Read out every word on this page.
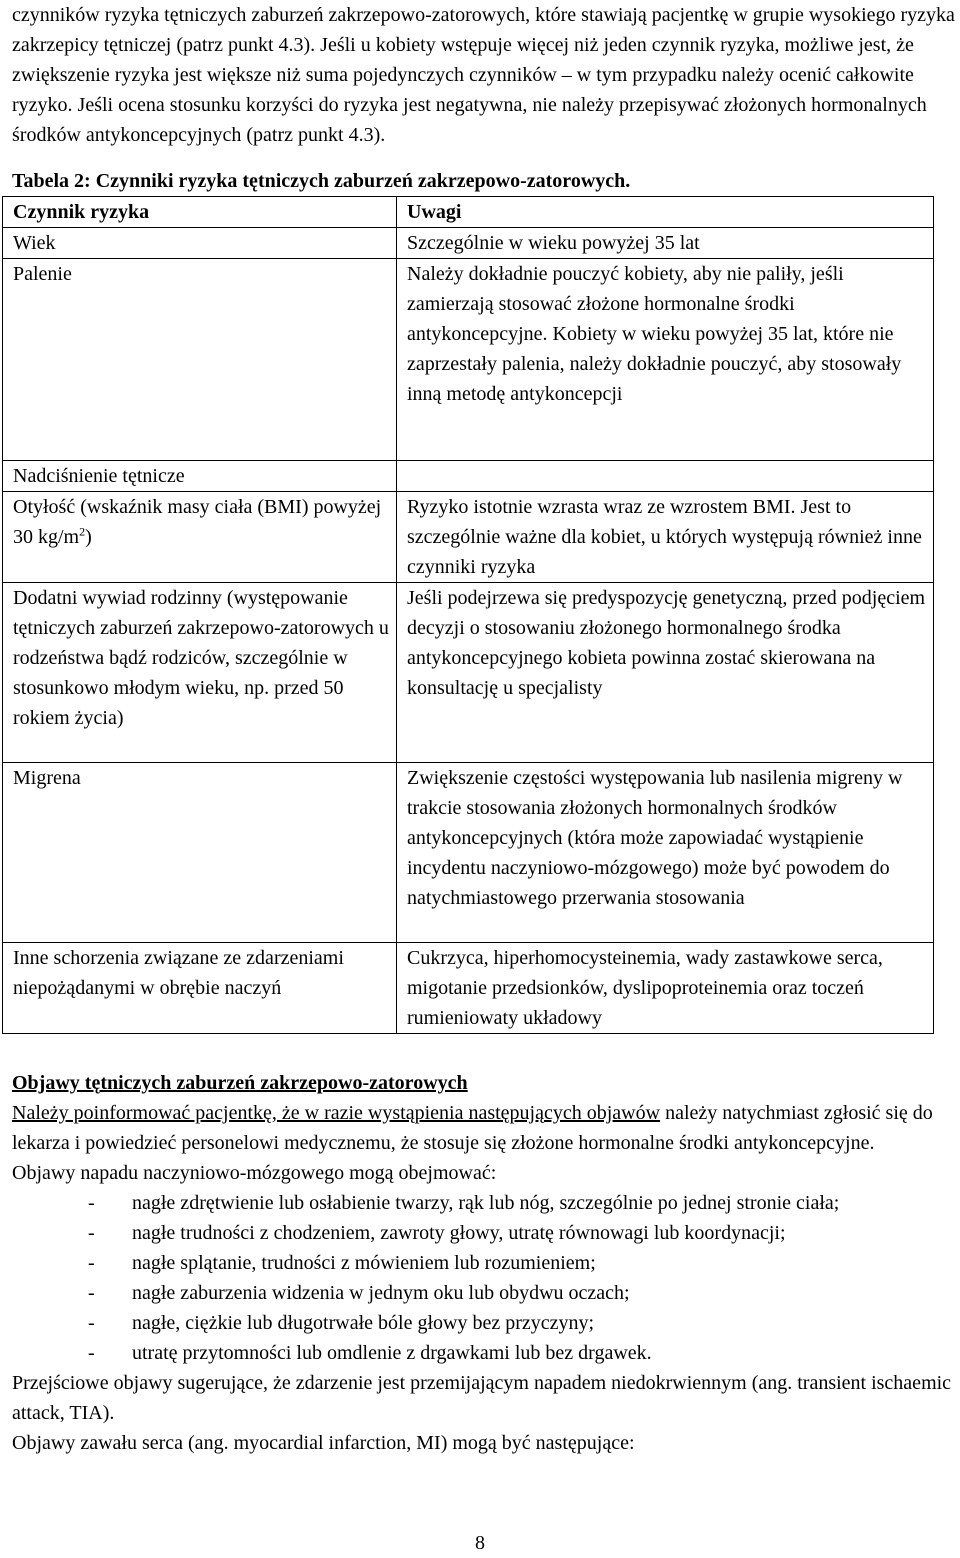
czynników ryzyka tętniczych zaburzeń zakrzepowo-zatorowych, które stawiają pacjentkę w grupie wysokiego ryzyka zakrzepicy tętniczej (patrz punkt 4.3). Jeśli u kobiety wstępuje więcej niż jeden czynnik ryzyka, możliwe jest, że zwiększenie ryzyka jest większe niż suma pojedynczych czynników – w tym przypadku należy ocenić całkowite ryzyko. Jeśli ocena stosunku korzyści do ryzyka jest negatywna, nie należy przepisywać złożonych hormonalnych środków antykoncepcyjnych (patrz punkt 4.3).

Tabela 2: Czynniki ryzyka tętniczych zaburzeń zakrzepowo-zatorowych.

Czynnik ryzyka	Uwagi
Wiek	Szczególnie w wieku powyżej 35 lat
Palenie	Należy dokładnie pouczyć kobiety, aby nie paliły, jeśli zamierzają stosować złożone hormonalne środki antykoncepcyjne. Kobiety w wieku powyżej 35 lat, które nie zaprzestały palenia, należy dokładnie pouczyć, aby stosowały inną metodę antykoncepcji
Nadciśnienie tętnicze	
Otyłość (wskaźnik masy ciała (BMI) powyżej 30 $kg/m^2$)	Ryzyko istotnie wzrasta wraz ze wzrostem BMI. Jest to szczególnie ważne dla kobiet, u których występują również inne czynniki ryzyka
Dodatni wywiad rodzinny (występowanie tętniczych zaburzeń zakrzepowo-zatorowych u rodzeństwa bądź rodziców, szczególnie w stosunkowo młodym wieku, np. przed 50 rokiem życia)	Jeśli podejrzewa się predyspozycję genetyczną, przed podjęciem decyzji o stosowaniu złożonego hormonalnego środka antykoncepcyjnego kobieta powinna zostać skierowana na konsultację u specjalisty
Migrena	Zwiększenie częstości występowania lub nasilenia migreny w trakcie stosowania złożonych hormonalnych środków antykoncepcyjnych (która może zapowiadać wystąpienie incydentu naczyniowo-mózgowego) może być powodem do natychmiastowego przerwania stosowania
Inne schorzenia związane ze zdarzeniami niepożądanymi w obrębie naczyń	Cukrzyca, hiperhomocysteinemia, wady zastawkowe serca, migotanie przedsionków, dyslipoproteinemia oraz toczeń rumieniowaty układowy

Objawy tętniczych zaburzeń zakrzepowo-zatorowych

Należy poinformować pacjentkę, że w razie wystąpienia następujących objawów należy natychmiast zgłosić się do lekarza i powiedzieć personelowi medycznemu, że stosuje się złożone hormonalne środki antykoncepcyjne.

Objawy napadu naczyniowo-mózgowego mogą obejmować:

- nagłe zdrętwienie lub osłabienie twarzy, rąk lub nóg, szczególnie po jednej stronie ciała;
- nagłe trudności z chodzeniem, zawroty głowy, utratę równowagi lub koordynacji;
- nagłe splątanie, trudności z mówieniem lub rozumieniem;
- nagłe zaburzenia widzenia w jednym oku lub obydwu oczach;
- nagłe, ciężkie lub długotrwałe bóle głowy bez przyczyny;
- utratę przytomności lub omdlenie z drgawkami lub bez drgawek.

Przejściowe objawy sugerujące, że zdarzenie jest przemijającym napadem niedokrwiennym (ang. transient ischaemic attack, TIA).

Objawy zawału serca (ang. myocardial infarction, MI) mogą być następujące:

8
